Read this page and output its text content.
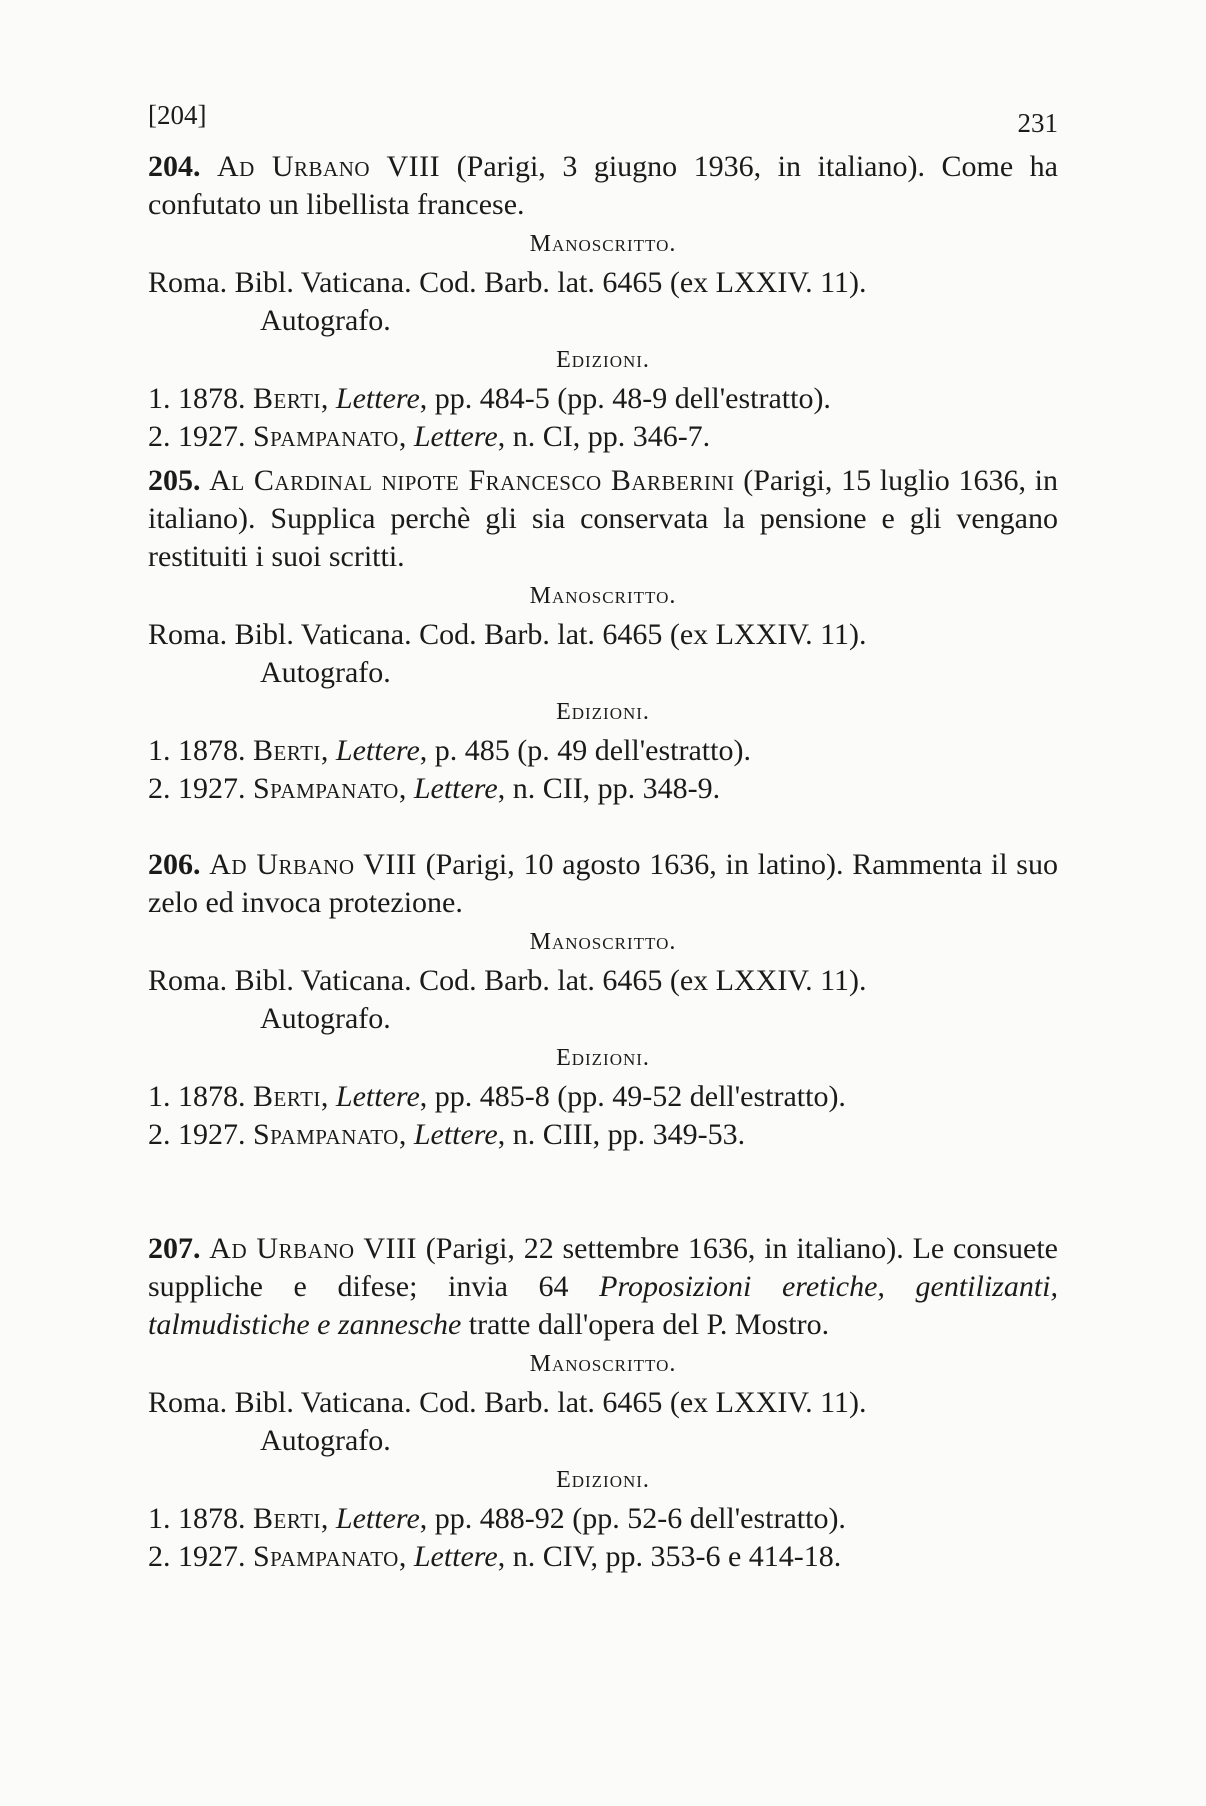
[204]	231

204. Ad Urbano VIII (Parigi, 3 giugno 1936, in italiano). Come ha confutato un libellista francese.

Manoscritto.
Roma. Bibl. Vaticana. Cod. Barb. lat. 6465 (ex LXXIV. 11).
Autografo.
Edizioni.
1. 1878. Berti, Lettere, pp. 484-5 (pp. 48-9 dell'estratto).
2. 1927. Spampanato, Lettere, n. CI, pp. 346-7.

205. Al Cardinal nipote Francesco Barberini (Parigi, 15 luglio 1636, in italiano). Supplica perchè gli sia conservata la pensione e gli vengano restituiti i suoi scritti.

Manoscritto.
Roma. Bibl. Vaticana. Cod. Barb. lat. 6465 (ex LXXIV. 11).
Autografo.
Edizioni.
1. 1878. Berti, Lettere, p. 485 (p. 49 dell'estratto).
2. 1927. Spampanato, Lettere, n. CII, pp. 348-9.

206. Ad Urbano VIII (Parigi, 10 agosto 1636, in latino). Rammenta il suo zelo ed invoca protezione.

Manoscritto.
Roma. Bibl. Vaticana. Cod. Barb. lat. 6465 (ex LXXIV. 11).
Autografo.
Edizioni.
1. 1878. Berti, Lettere, pp. 485-8 (pp. 49-52 dell'estratto).
2. 1927. Spampanato, Lettere, n. CIII, pp. 349-53.

207. Ad Urbano VIII (Parigi, 22 settembre 1636, in italiano). Le consuete suppliche e difese; invia 64 Proposizioni eretiche, gentilizanti, talmudistiche e zannesche tratte dall'opera del P. Mostro.

Manoscritto.
Roma. Bibl. Vaticana. Cod. Barb. lat. 6465 (ex LXXIV. 11).
Autografo.
Edizioni.
1. 1878. Berti, Lettere, pp. 488-92 (pp. 52-6 dell'estratto).
2. 1927. Spampanato, Lettere, n. CIV, pp. 353-6 e 414-18.
